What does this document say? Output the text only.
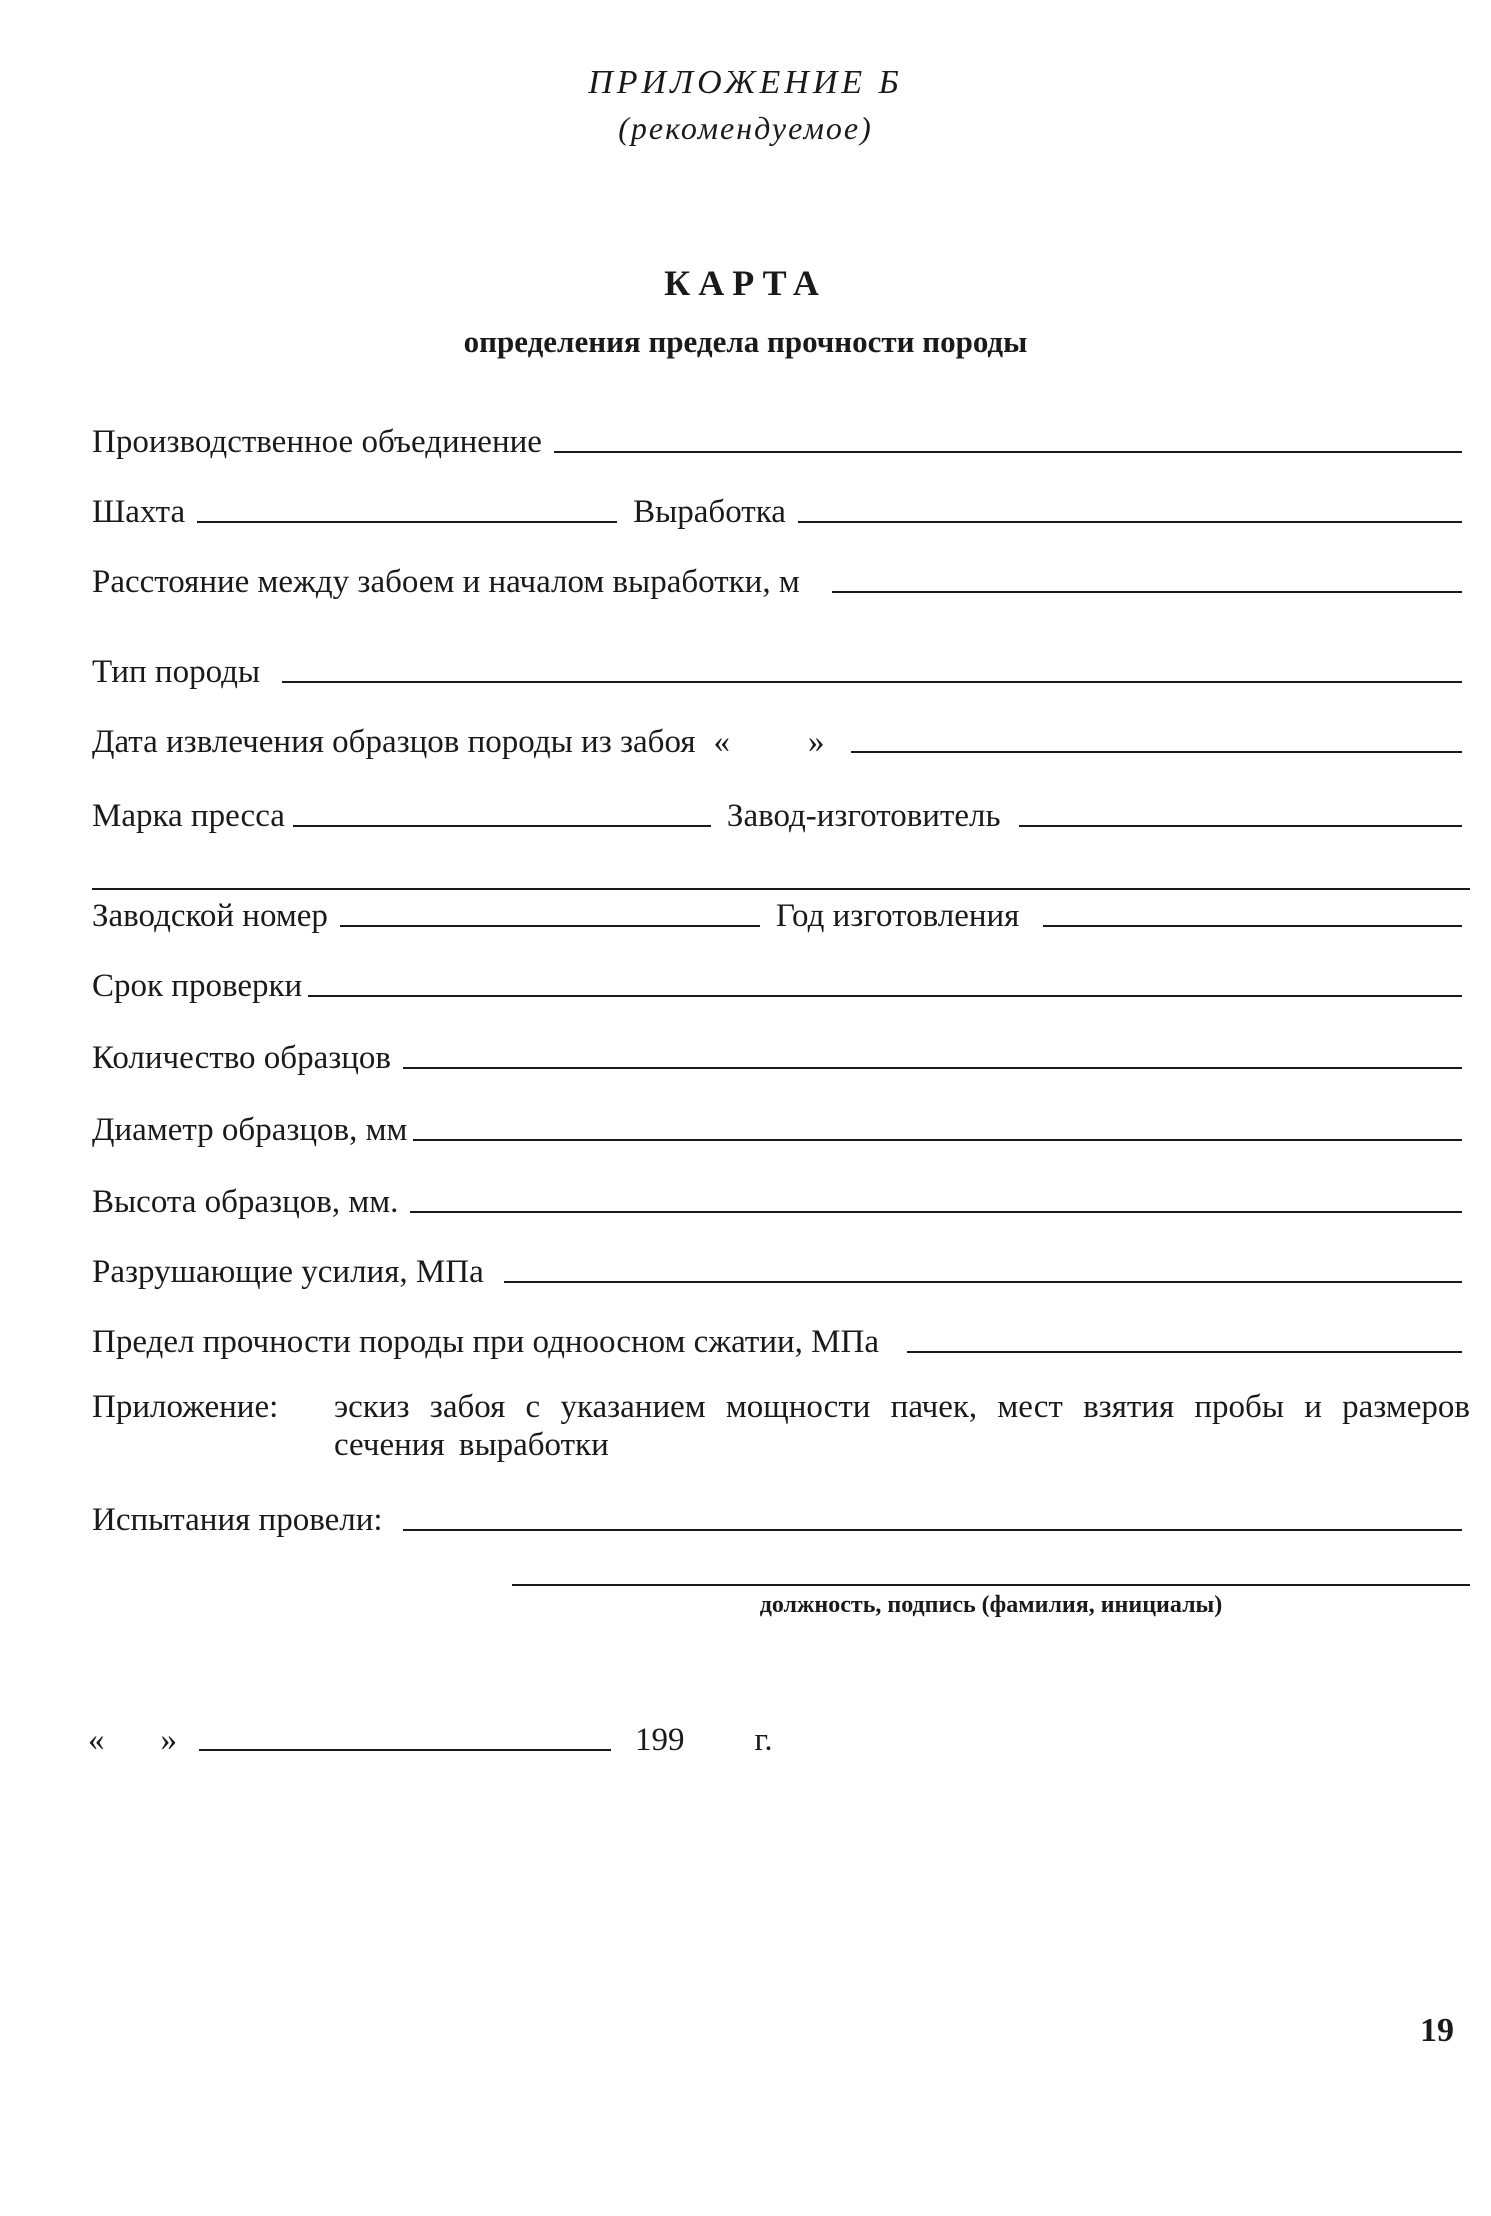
ПРИЛОЖЕНИЕ Б
(рекомендуемое)
КАРТА
определения предела прочности породы
Производственное объединение
Шахта	Выработка
Расстояние между забоем и началом выработки, м
Тип породы
Дата извлечения образцов породы из забоя « »
Марка пресса	Завод-изготовитель
Заводской номер	Год изготовления
Срок проверки
Количество образцов
Диаметр образцов, мм
Высота образцов, мм.
Разрушающие усилия, МПа
Предел прочности породы при одноосном сжатии, МПа
Приложение:	эскиз забоя с указанием мощности пачек, мест взятия пробы и размеров сечения выработки
Испытания провели:
должность, подпись (фамилия, инициалы)
« »	199 г.
19
